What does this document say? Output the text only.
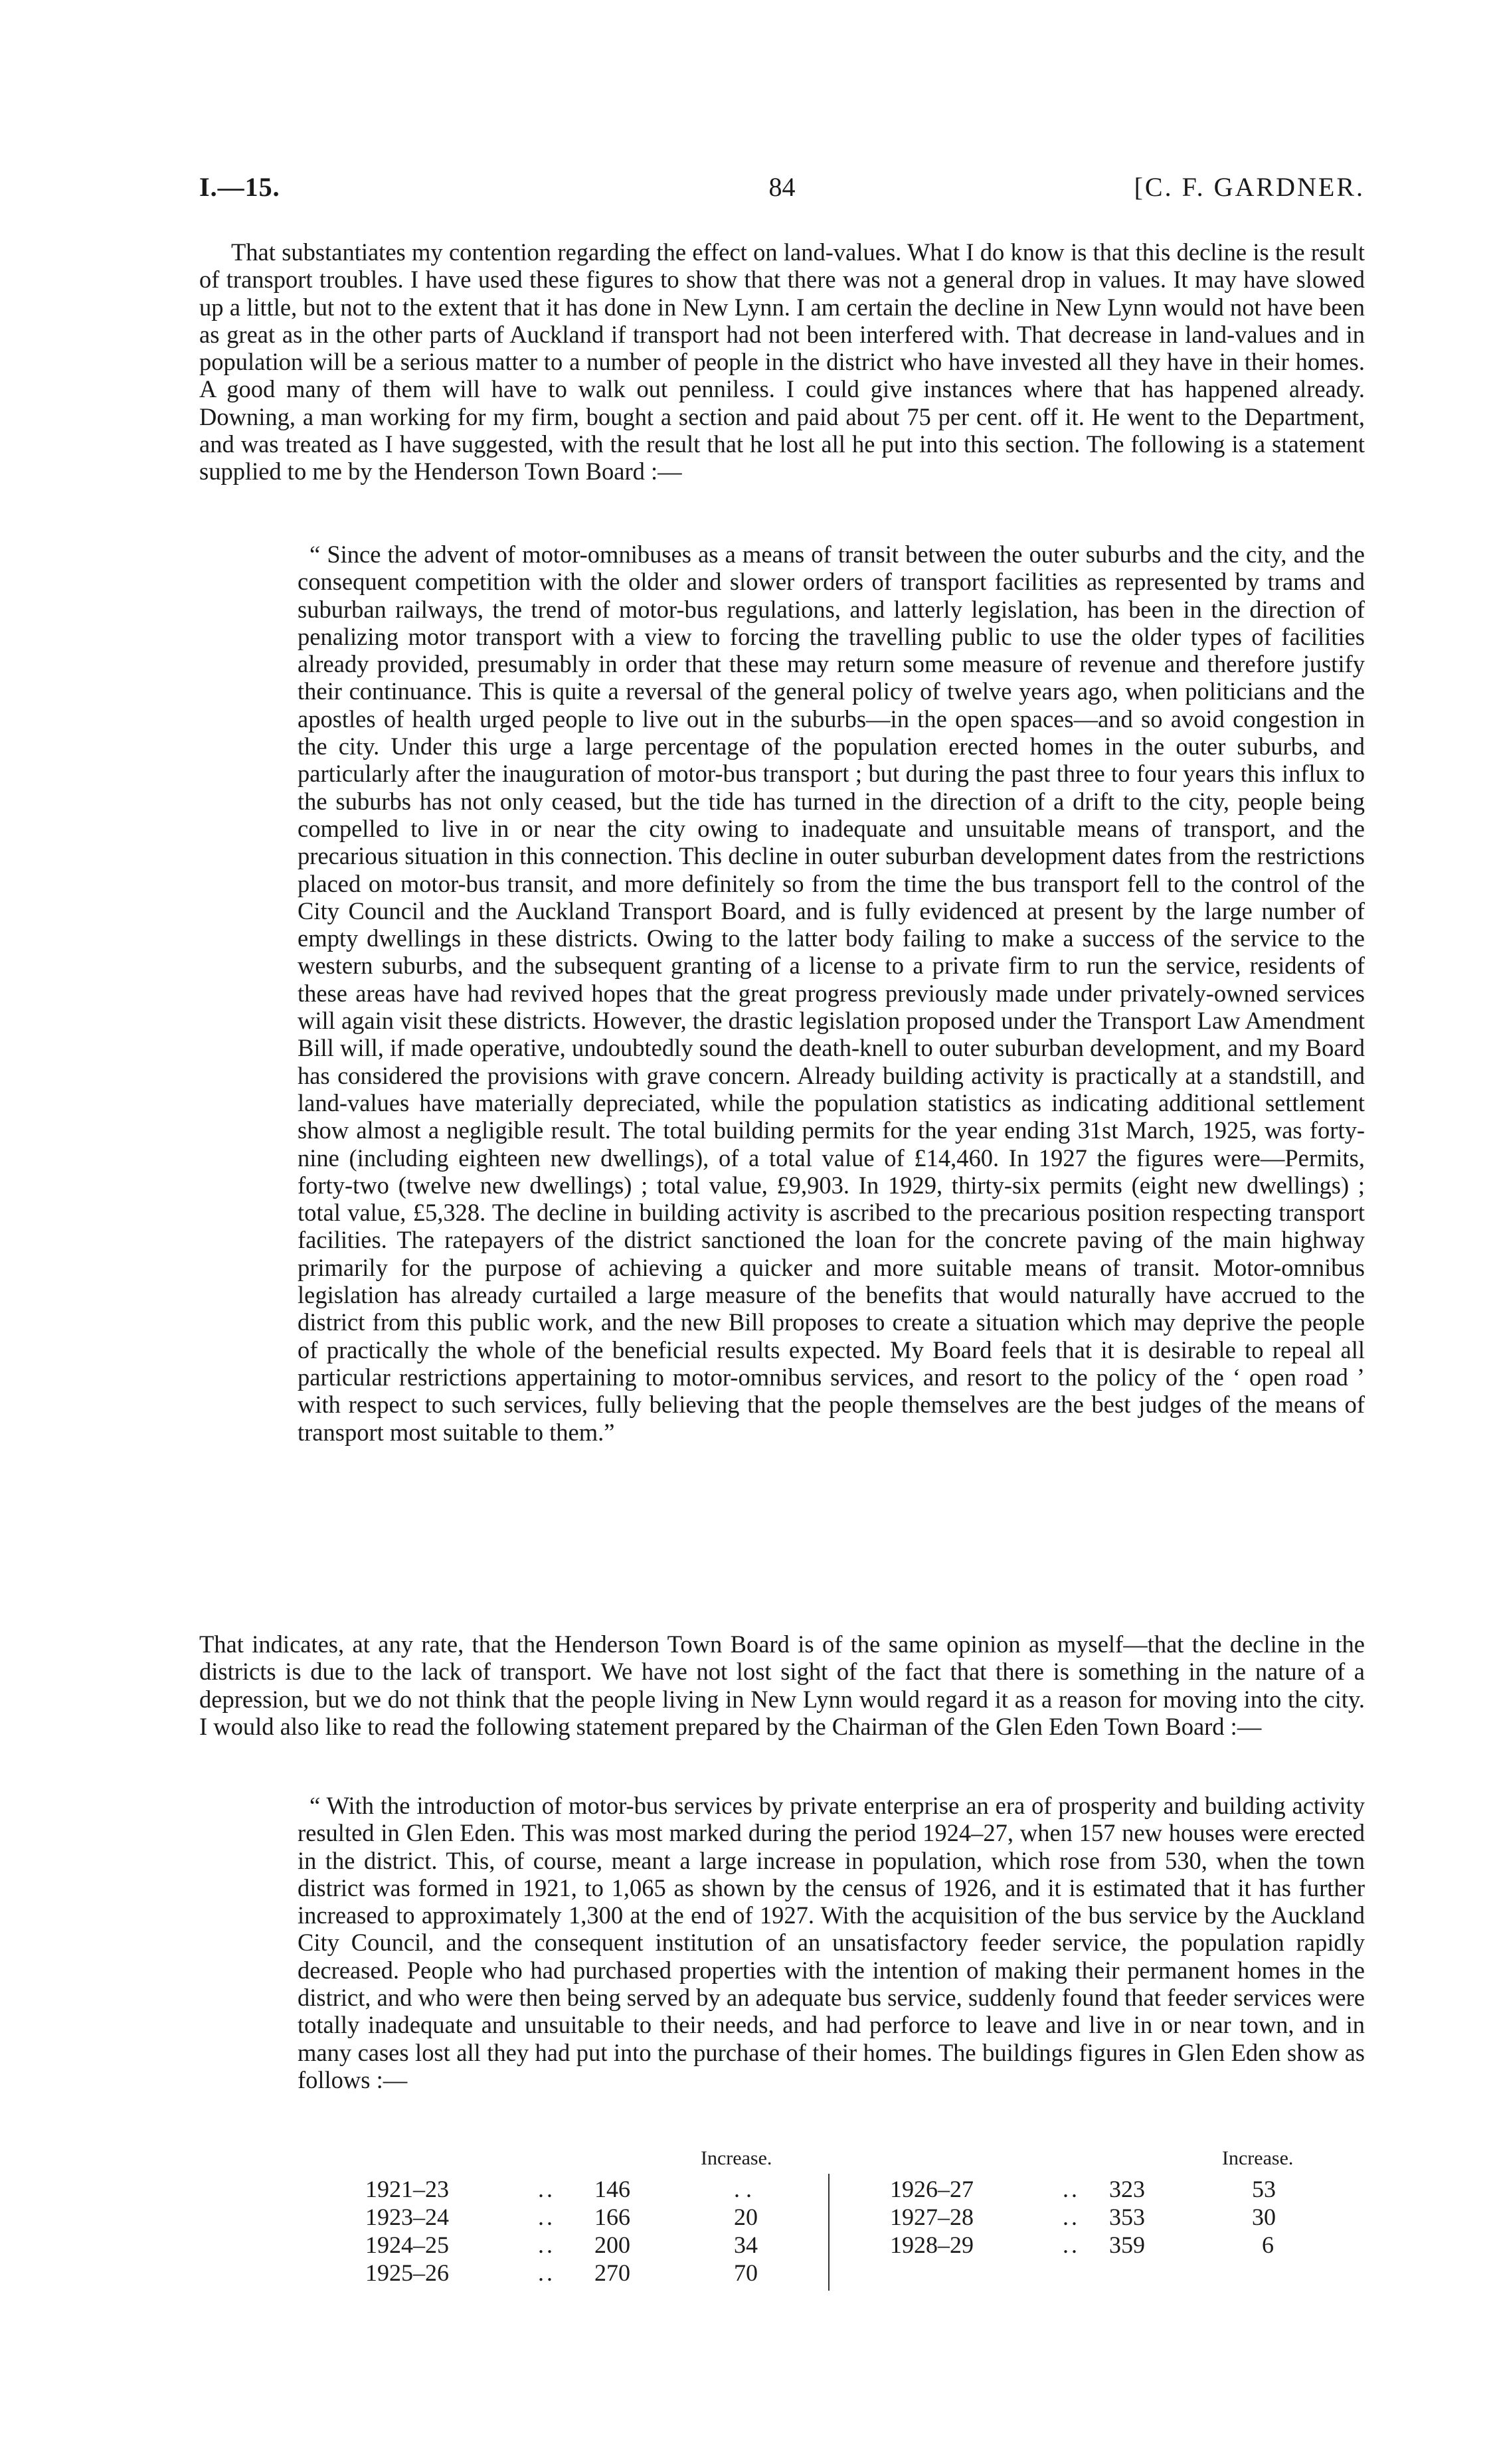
I.—15.	84	[C. F. GARDNER.

That substantiates my contention regarding the effect on land-values. What I do know is that this decline is the result of transport troubles. I have used these figures to show that there was not a general drop in values. It may have slowed up a little, but not to the extent that it has done in New Lynn. I am certain the decline in New Lynn would not have been as great as in the other parts of Auckland if transport had not been interfered with. That decrease in land-values and in population will be a serious matter to a number of people in the district who have invested all they have in their homes. A good many of them will have to walk out penniless. I could give instances where that has happened already. Downing, a man working for my firm, bought a section and paid about 75 per cent. off it. He went to the Department, and was treated as I have suggested, with the result that he lost all he put into this section. The following is a statement supplied to me by the Henderson Town Board :—

“ Since the advent of motor-omnibuses as a means of transit between the outer suburbs and the city, and the consequent competition with the older and slower orders of transport facilities as represented by trams and suburban railways, the trend of motor-bus regulations, and latterly legislation, has been in the direction of penalizing motor transport with a view to forcing the travelling public to use the older types of facilities already provided, presumably in order that these may return some measure of revenue and therefore justify their continuance. This is quite a reversal of the general policy of twelve years ago, when politicians and the apostles of health urged people to live out in the suburbs—in the open spaces—and so avoid congestion in the city. Under this urge a large percentage of the population erected homes in the outer suburbs, and particularly after the inauguration of motor-bus transport ; but during the past three to four years this influx to the suburbs has not only ceased, but the tide has turned in the direction of a drift to the city, people being compelled to live in or near the city owing to inadequate and unsuitable means of transport, and the precarious situation in this connection. This decline in outer suburban development dates from the restrictions placed on motor-bus transit, and more definitely so from the time the bus transport fell to the control of the City Council and the Auckland Transport Board, and is fully evidenced at present by the large number of empty dwellings in these districts. Owing to the latter body failing to make a success of the service to the western suburbs, and the subsequent granting of a license to a private firm to run the service, residents of these areas have had revived hopes that the great progress previously made under privately-owned services will again visit these districts. However, the drastic legislation proposed under the Transport Law Amendment Bill will, if made operative, undoubtedly sound the death-knell to outer suburban development, and my Board has considered the provisions with grave concern. Already building activity is practically at a standstill, and land-values have materially depreciated, while the population statistics as indicating additional settlement show almost a negligible result. The total building permits for the year ending 31st March, 1925, was forty-nine (including eighteen new dwellings), of a total value of £14,460. In 1927 the figures were—Permits, forty-two (twelve new dwellings) ; total value, £9,903. In 1929, thirty-six permits (eight new dwellings) ; total value, £5,328. The decline in building activity is ascribed to the precarious position respecting transport facilities. The ratepayers of the district sanctioned the loan for the concrete paving of the main highway primarily for the purpose of achieving a quicker and more suitable means of transit. Motor-omnibus legislation has already curtailed a large measure of the benefits that would naturally have accrued to the district from this public work, and the new Bill proposes to create a situation which may deprive the people of practically the whole of the beneficial results expected. My Board feels that it is desirable to repeal all particular restrictions appertaining to motor-omnibus services, and resort to the policy of the ‘ open road ’ with respect to such services, fully believing that the people themselves are the best judges of the means of transport most suitable to them.”

That indicates, at any rate, that the Henderson Town Board is of the same opinion as myself—that the decline in the districts is due to the lack of transport. We have not lost sight of the fact that there is something in the nature of a depression, but we do not think that the people living in New Lynn would regard it as a reason for moving into the city. I would also like to read the following statement prepared by the Chairman of the Glen Eden Town Board :—

“ With the introduction of motor-bus services by private enterprise an era of prosperity and building activity resulted in Glen Eden. This was most marked during the period 1924–27, when 157 new houses were erected in the district. This, of course, meant a large increase in population, which rose from 530, when the town district was formed in 1921, to 1,065 as shown by the census of 1926, and it is estimated that it has further increased to approximately 1,300 at the end of 1927. With the acquisition of the bus service by the Auckland City Council, and the consequent institution of an unsatisfactory feeder service, the population rapidly decreased. People who had purchased properties with the intention of making their permanent homes in the district, and who were then being served by an adequate bus service, suddenly found that feeder services were totally inadequate and unsuitable to their needs, and had perforce to leave and live in or near town, and in many cases lost all they had put into the purchase of their homes. The buildings figures in Glen Eden show as follows :—

Increase.	Increase.
1921–23	.. 146	. .
1923–24	.. 166	20
1924–25	.. 200	34
1925–26	.. 270	70
1926–27	.. 323	53
1927–28	.. 353	30
1928–29	.. 359	6
